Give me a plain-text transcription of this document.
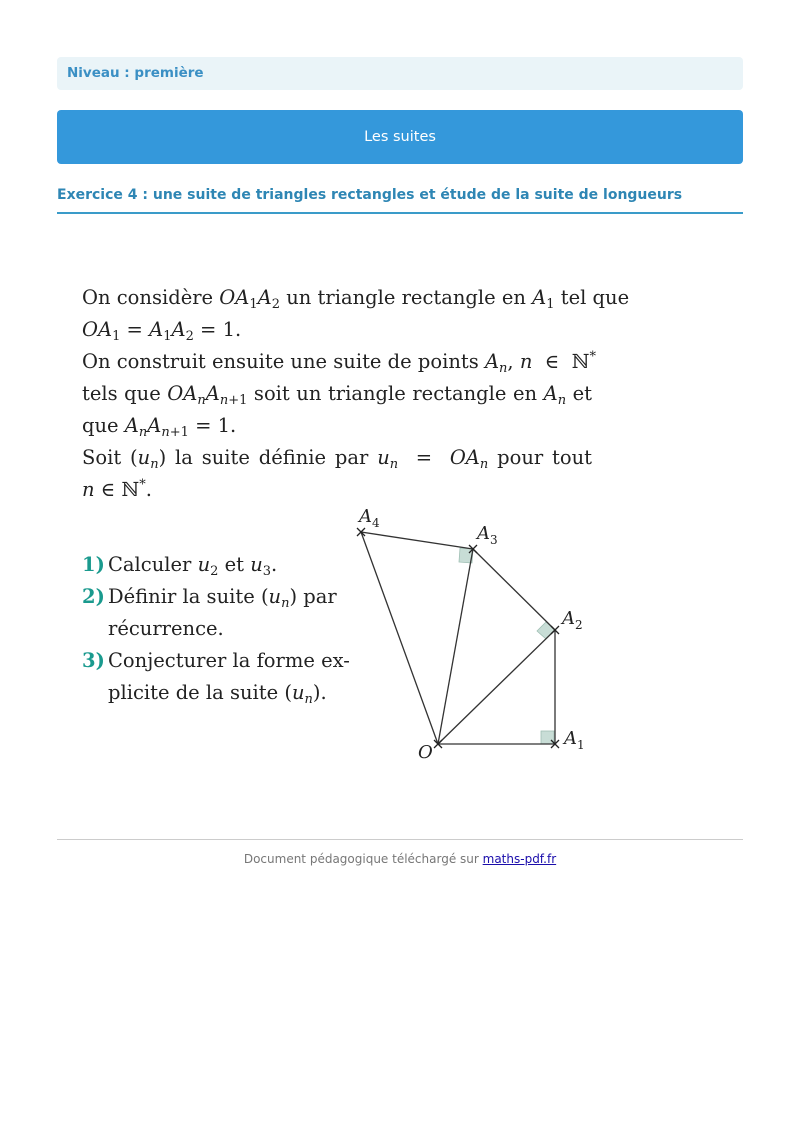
Niveau : première
Les suites
Exercice 4 : une suite de triangles rectangles et étude de la suite de longueurs
On considère $OA_1A_2$ un triangle rectangle en $A_1$ tel que
$OA_1 = A_1A_2 = 1$.
On construit ensuite une suite de points $A_n$, n  ∈  ℕ*
tels que $OA_nA_{n+1}$ soit un triangle rectangle en $A_n$ et
que $A_nA_{n+1} = 1$.
Soit $(u_n)$ la suite définie par $u_n = OA_n$ pour tout
n ∈ ℕ*.
1) Calculer $u_2$ et $u_3$.
2) Définir la suite $(u_n)$ par
récurrence.
3) Conjecturer la forme ex-
plicite de la suite $(u_n)$.
O
$A_1$
$A_2$
$A_3$
$A_4$
Document pédagogique téléchargé sur maths-pdf.fr
